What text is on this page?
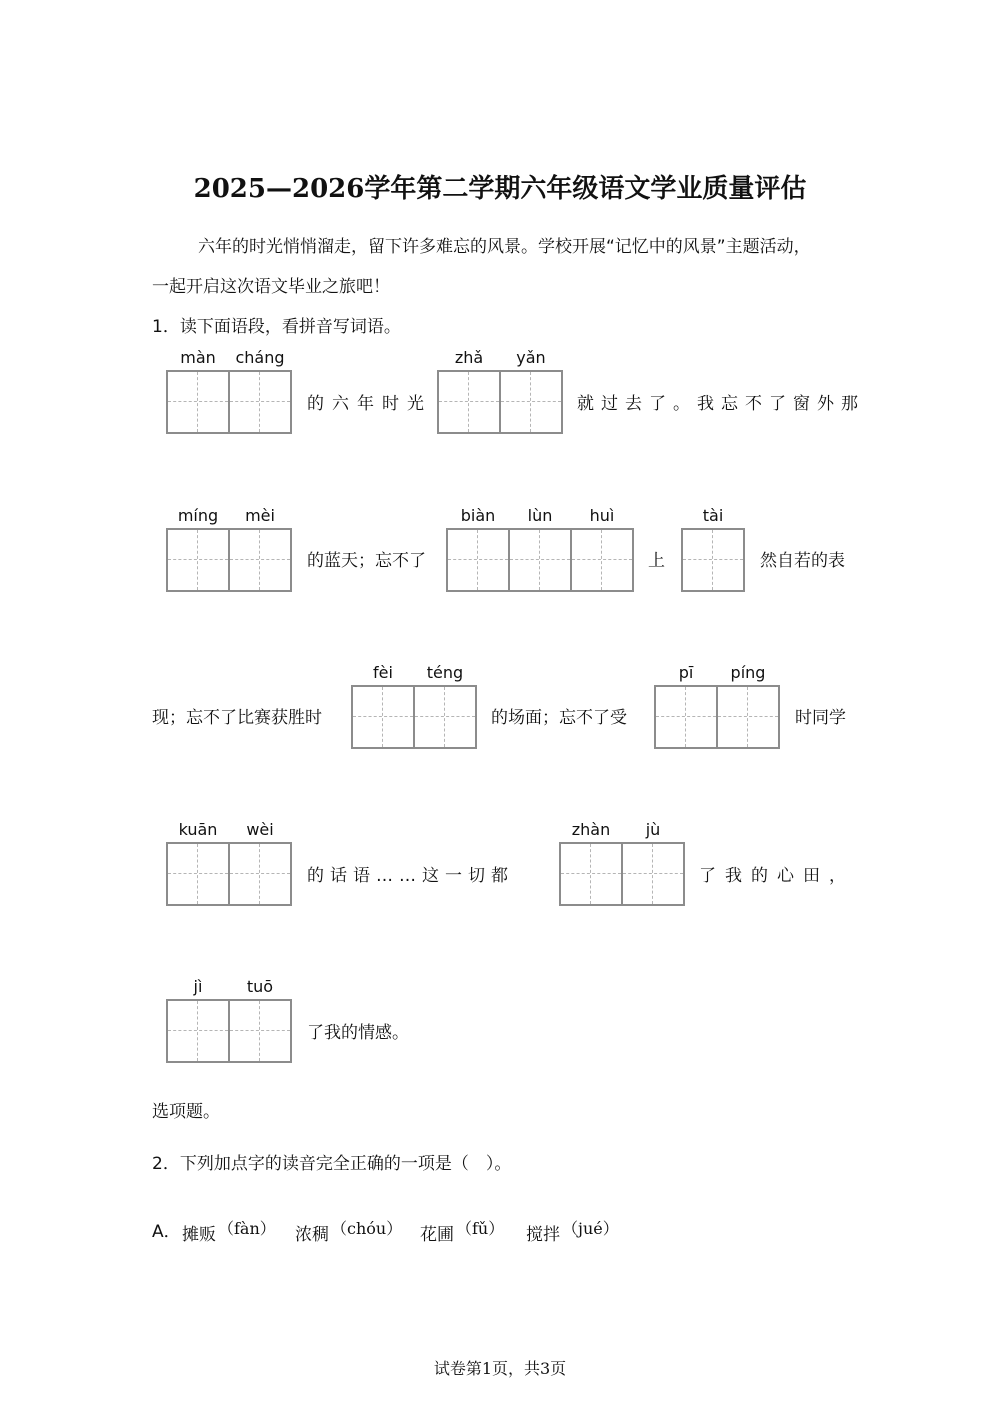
2025—2026学年第二学期六年级语文学业质量评估
六年的时光悄悄溜走，留下许多难忘的风景。学校开展“记忆中的风景”主题活动，
一起开启这次语文毕业之旅吧！
1．读下面语段，看拼音写词语。
màn	cháng
的六年时光
zhǎ	yǎn
就过去了。我忘不了窗外那
míng	mèi
的蓝天；忘不了
biàn	lùn	huì
上
tài
然自若的表
现；忘不了比赛获胜时
fèi	téng
的场面；忘不了受
pī	píng
时同学
kuān	wèi
的话语……这一切都
zhàn	jù
了我的心田，
jì	tuō
了我的情感。
选项题。
2．下列加点字的读音完全正确的一项是（　）。
A． 摊贩 （fàn） 浓稠 （chóu） 花圃 （fǔ） 搅拌 （jué）
试卷第1页，共3页
